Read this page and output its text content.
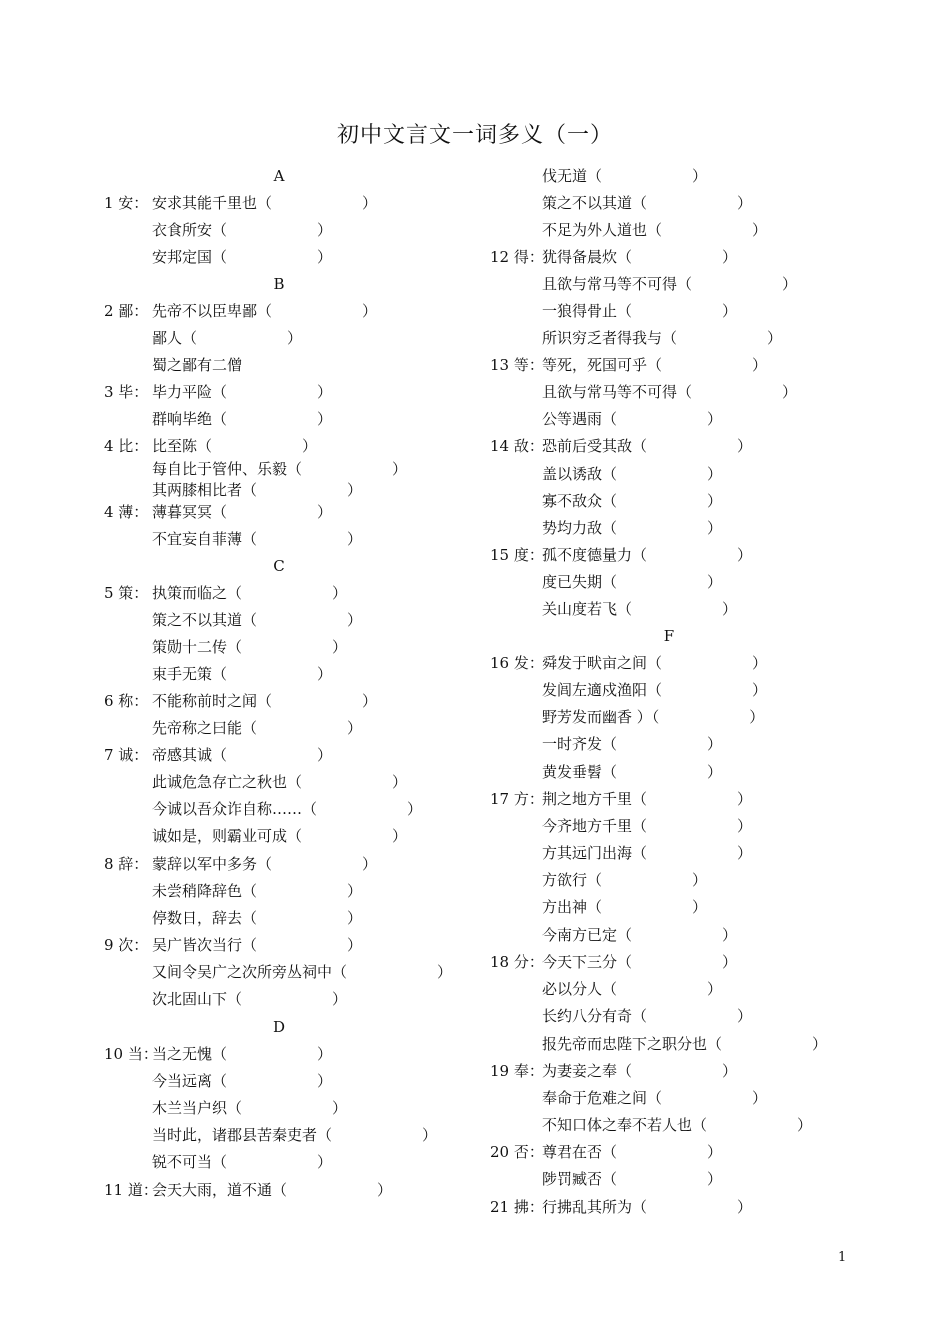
初中文言文一词多义（一）
A
1 安： 安求其能千里也（　　　　　　）
衣食所安（　　　　　　）
安邦定国（　　　　　　）
B
2 鄙： 先帝不以臣卑鄙（　　　　　　）
鄙人（　　　　　　）
蜀之鄙有二僧
3 毕： 毕力平险（　　　　　　）
群响毕绝（　　　　　　）
4 比： 比至陈（　　　　　　）
每自比于管仲、乐毅（　　　　　　）
其两膝相比者（　　　　　　）
4 薄： 薄暮冥冥（　　　　　　）
不宜妄自菲薄（　　　　　　）
C
5 策： 执策而临之（　　　　　　）
策之不以其道（　　　　　　）
策勋十二传（　　　　　　）
束手无策（　　　　　　）
6 称： 不能称前时之闻（　　　　　　）
先帝称之曰能（　　　　　　）
7 诚： 帝感其诚（　　　　　　）
此诚危急存亡之秋也（　　　　　　）
今诚以吾众诈自称……（　　　　　　）
诚如是，则霸业可成（　　　　　　）
8 辞： 蒙辞以军中多务（　　　　　　）
未尝稍降辞色（　　　　　　）
停数日，辞去（　　　　　　）
9 次： 吴广皆次当行（　　　　　　）
又间令吴广之次所旁丛祠中（　　　　　　）
次北固山下（　　　　　　）
D
10 当：
当之无愧（　　　　　　）
今当远离（　　　　　　）
木兰当户织（　　　　　　）
当时此，诸郡县苦秦吏者（　　　　　　）
锐不可当（　　　　　　）
11 道：
会天大雨，道不通（　　　　　　）
伐无道（　　　　　　）
策之不以其道（　　　　　　）
不足为外人道也（　　　　　　）
12 得：
犹得备晨炊（　　　　　　）
且欲与常马等不可得（　　　　　　）
一狼得骨止（　　　　　　）
所识穷乏者得我与（　　　　　　）
13 等：
等死，死国可乎（　　　　　　）
且欲与常马等不可得（　　　　　　）
公等遇雨（　　　　　　）
14 敌：
恐前后受其敌（　　　　　　）
盖以诱敌（　　　　　　）
寡不敌众（　　　　　　）
势均力敌（　　　　　　）
15 度：
孤不度德量力（　　　　　　）
度已失期（　　　　　　）
关山度若飞（　　　　　　）
F
16 发：
舜发于畎亩之间（　　　　　　）
发闾左適戍渔阳（　　　　　　）
野芳发而幽香 ）（　　　　　　）
一时齐发（　　　　　　）
黄发垂髫（　　　　　　）
17 方：
荆之地方千里（　　　　　　）
今齐地方千里（　　　　　　）
方其远门出海（　　　　　　）
方欲行（　　　　　　）
方出神（　　　　　　）
今南方已定（　　　　　　）
18 分：
今天下三分（　　　　　　）
必以分人（　　　　　　）
长约八分有奇（　　　　　　）
报先帝而忠陛下之职分也（　　　　　　）
19 奉：
为妻妾之奉（　　　　　　）
奉命于危难之间（　　　　　　）
不知口体之奉不若人也（　　　　　　）
20 否：
尊君在否（　　　　　　）
陟罚臧否（　　　　　　）
21 拂：
行拂乱其所为（　　　　　　）
1
